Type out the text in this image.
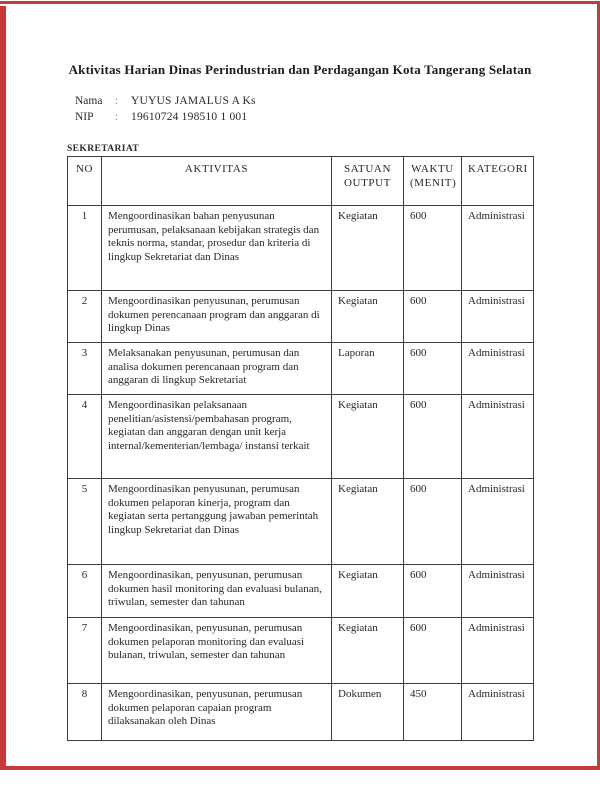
Aktivitas Harian Dinas Perindustrian dan Perdagangan Kota Tangerang Selatan
Nama	:	YUYUS JAMALUS A Ks
NIP	:	19610724 198510 1 001
SEKRETARIAT
NO	AKTIVITAS	SATUAN OUTPUT	WAKTU (MENIT)	KATEGORI
1	Mengoordinasikan bahan penyusunan perumusan, pelaksanaan kebijakan strategis dan teknis norma, standar, prosedur dan kriteria di lingkup Sekretariat dan Dinas	Kegiatan	600	Administrasi
2	Mengoordinasikan penyusunan, perumusan dokumen perencanaan program dan anggaran di lingkup Dinas	Kegiatan	600	Administrasi
3	Melaksanakan penyusunan, perumusan dan analisa dokumen perencanaan program dan anggaran di lingkup Sekretariat	Laporan	600	Administrasi
4	Mengoordinasikan pelaksanaan penelitian/asistensi/pembahasan program, kegiatan dan anggaran dengan unit kerja internal/kementerian/lembaga/ instansi terkait	Kegiatan	600	Administrasi
5	Mengoordinasikan penyusunan, perumusan dokumen pelaporan kinerja, program dan kegiatan serta pertanggung jawaban pemerintah lingkup Sekretariat dan Dinas	Kegiatan	600	Administrasi
6	Mengoordinasikan, penyusunan, perumusan dokumen hasil monitoring dan evaluasi bulanan, triwulan, semester dan tahunan	Kegiatan	600	Administrasi
7	Mengoordinasikan, penyusunan, perumusan dokumen pelaporan monitoring dan evaluasi bulanan, triwulan, semester dan tahunan	Kegiatan	600	Administrasi
8	Mengoordinasikan, penyusunan, perumusan dokumen pelaporan capaian program dilaksanakan oleh Dinas	Dokumen	450	Administrasi
